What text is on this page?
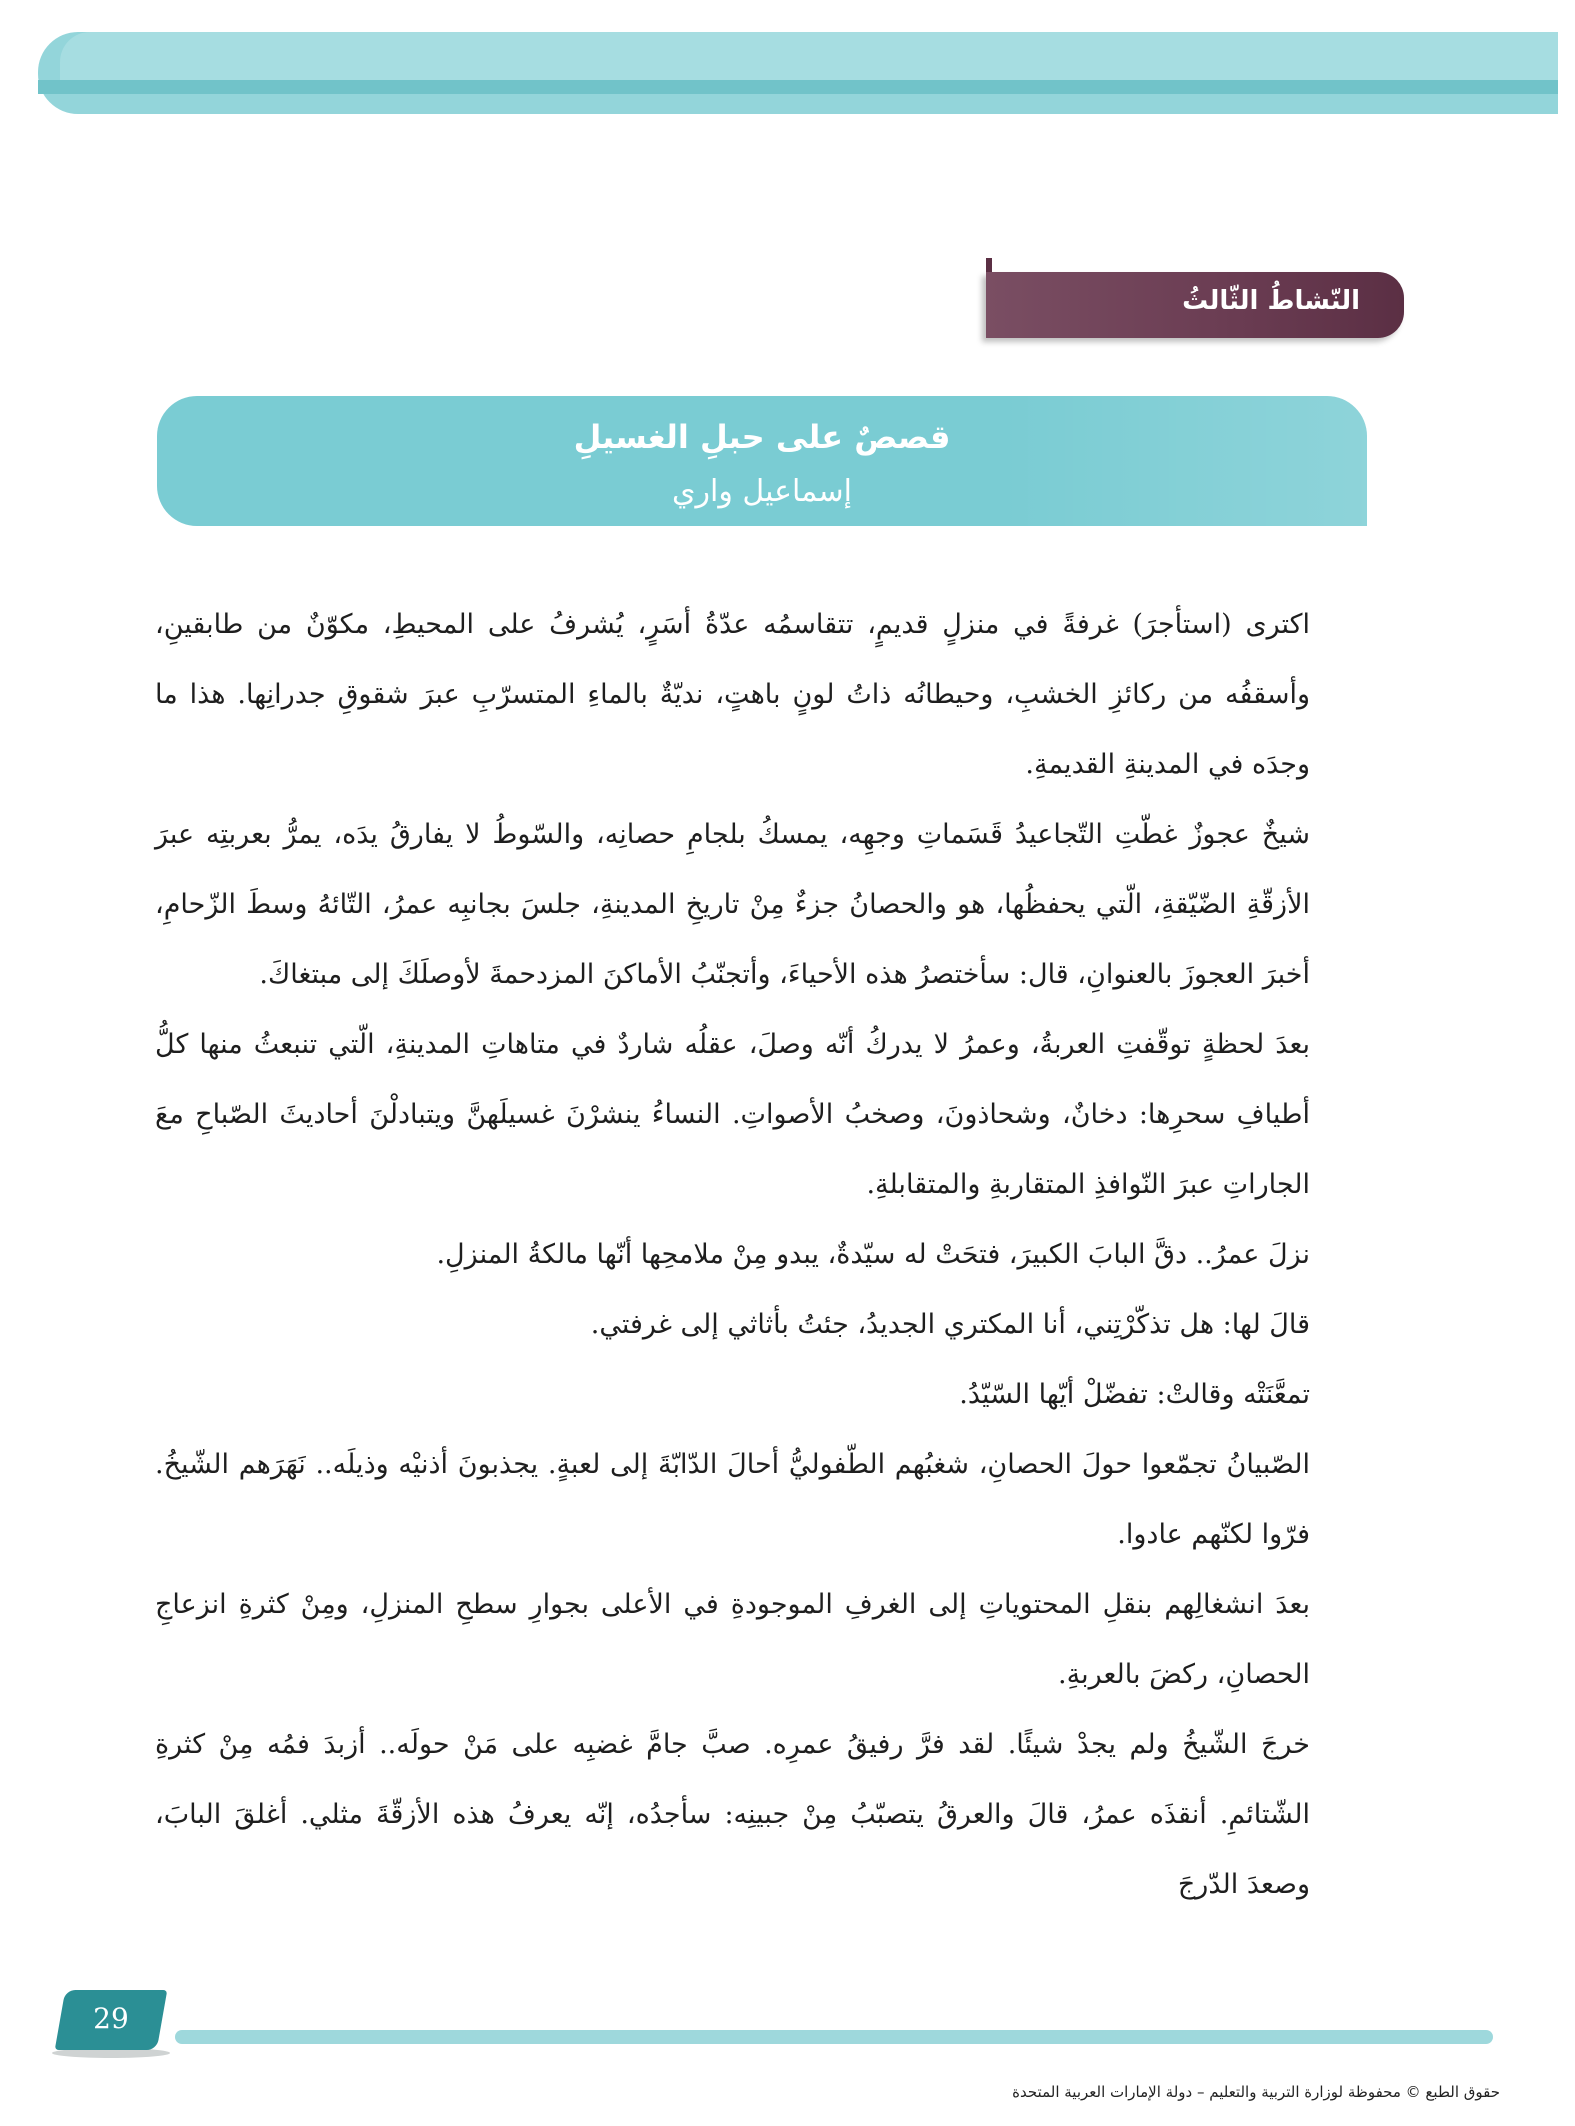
النّشاطُ الثّالثُ
قصصٌ على حبلِ الغسيلِ
إسماعيل واري

اكترى (استأجرَ) غرفةً في منزلٍ قديمٍ، تتقاسمُه عدّةُ أسَرٍ، يُشرفُ على المحيطِ، مكوّنٌ من طابقينِ، وأسقفُه من ركائزِ الخشبِ، وحيطانُه ذاتُ لونٍ باهتٍ، نديّةٌ بالماءِ المتسرّبِ عبرَ شقوقِ جدرانِها. هذا ما وجدَه في المدينةِ القديمةِ.

شيخٌ عجوزٌ غطّتِ التّجاعيدُ قَسَماتِ وجهِه، يمسكُ بلجامِ حصانِه، والسّوطُ لا يفارقُ يدَه، يمرُّ بعربتِه عبرَ الأزقّةِ الضّيّقةِ، الّتي يحفظُها، هو والحصانُ جزءٌ مِنْ تاريخِ المدينةِ، جلسَ بجانبِه عمرُ، التّائهُ وسطَ الزّحامِ، أخبرَ العجوزَ بالعنوانِ، قال: سأختصرُ هذه الأحياءَ، وأتجنّبُ الأماكنَ المزدحمةَ لأوصلَكَ إلى مبتغاكَ.

بعدَ لحظةٍ توقّفتِ العربةُ، وعمرُ لا يدركُ أنّه وصلَ، عقلُه شاردٌ في متاهاتِ المدينةِ، الّتي تنبعثُ منها كلُّ أطيافِ سحرِها: دخانٌ، وشحاذونَ، وصخبُ الأصواتِ. النساءُ ينشرْنَ غسيلَهنَّ ويتبادلْنَ أحاديثَ الصّباحِ معَ الجاراتِ عبرَ النّوافذِ المتقاربةِ والمتقابلةِ.

نزلَ عمرُ.. دقَّ البابَ الكبيرَ، فتحَتْ له سيّدةٌ، يبدو مِنْ ملامحِها أنّها مالكةُ المنزلِ.

قالَ لها: هل تذكّرْتِني، أنا المكتري الجديدُ، جئتُ بأثاثي إلى غرفتي.

تمعَّنَتْه وقالتْ: تفضّلْ أيّها السّيّدُ.

الصّبيانُ تجمّعوا حولَ الحصانِ، شغبُهم الطّفوليُّ أحالَ الدّابّةَ إلى لعبةٍ. يجذبونَ أذنيْه وذيلَه.. نَهَرَهم الشّيخُ. فرّوا لكنّهم عادوا.

بعدَ انشغالِهم بنقلِ المحتوياتِ إلى الغرفِ الموجودةِ في الأعلى بجوارِ سطحِ المنزلِ، ومِنْ كثرةِ انزعاجِ الحصانِ، ركضَ بالعربةِ.

خرجَ الشّيخُ ولم يجدْ شيئًا. لقد فرَّ رفيقُ عمرِه. صبَّ جامَّ غضبِه على مَنْ حولَه.. أزبدَ فمُه مِنْ كثرةِ الشّتائمِ. أنقذَه عمرُ، قالَ والعرقُ يتصبّبُ مِنْ جبينِه: سأجدُه، إنّه يعرفُ هذه الأزقّةَ مثلي. أغلقَ البابَ، وصعدَ الدّرجَ

29
حقوق الطبع © محفوظة لوزارة التربية والتعليم – دولة الإمارات العربية المتحدة
